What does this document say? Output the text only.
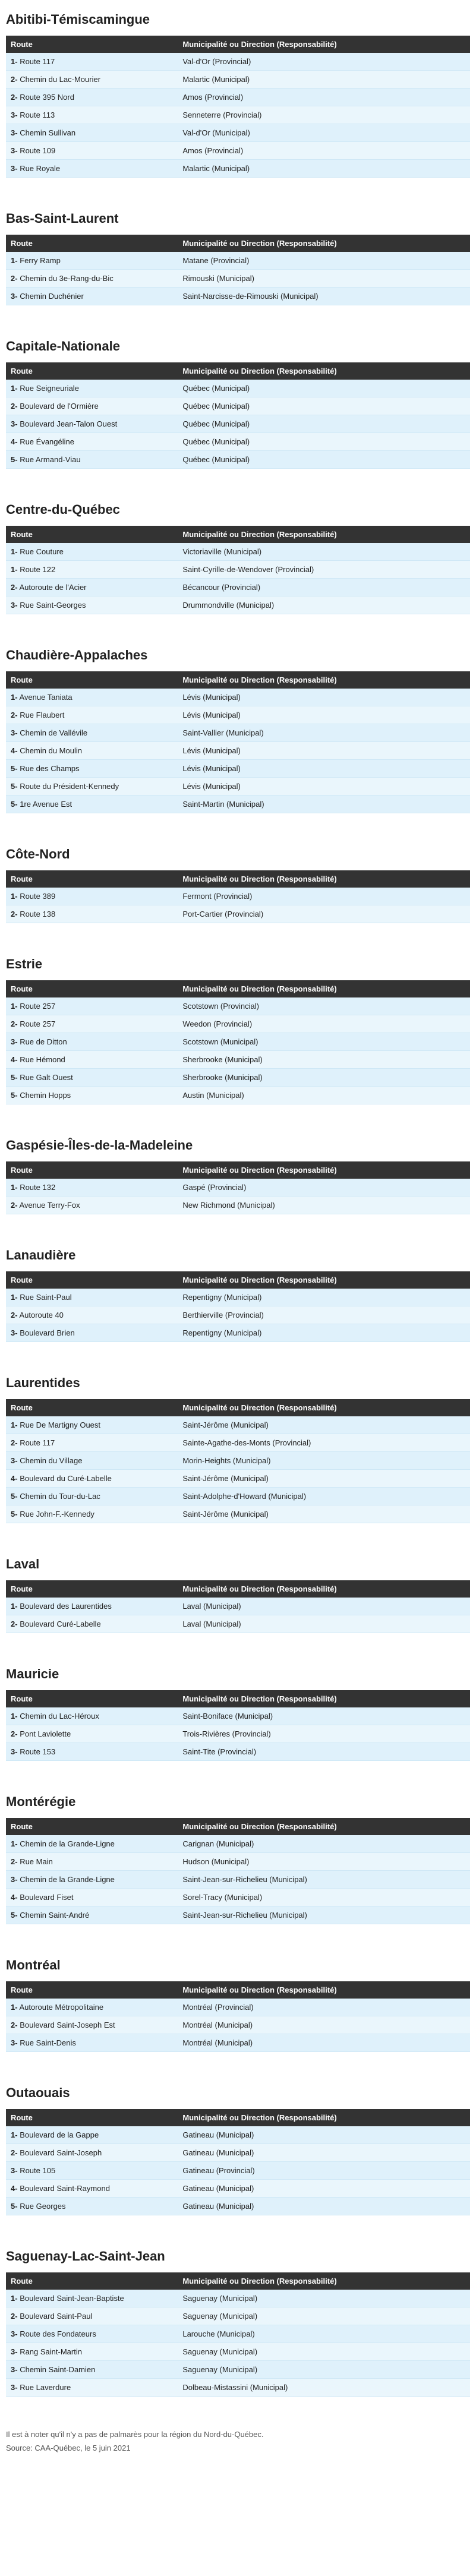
Abitibi-Témiscamingue
Route	Municipalité ou Direction (Responsabilité)
1- Route 117	Val-d'Or (Provincial)
2- Chemin du Lac-Mourier	Malartic (Municipal)
2- Route 395 Nord	Amos (Provincial)
3- Route 113	Senneterre (Provincial)
3- Chemin Sullivan	Val-d'Or (Municipal)
3- Route 109	Amos (Provincial)
3- Rue Royale	Malartic (Municipal)
Bas-Saint-Laurent
Route	Municipalité ou Direction (Responsabilité)
1- Ferry Ramp	Matane (Provincial)
2- Chemin du 3e-Rang-du-Bic	Rimouski (Municipal)
3- Chemin Duchénier	Saint-Narcisse-de-Rimouski (Municipal)
Capitale-Nationale
Route	Municipalité ou Direction (Responsabilité)
1- Rue Seigneuriale	Québec (Municipal)
2- Boulevard de l'Ormière	Québec (Municipal)
3- Boulevard Jean-Talon Ouest	Québec (Municipal)
4- Rue Évangéline	Québec (Municipal)
5- Rue Armand-Viau	Québec (Municipal)
Centre-du-Québec
Route	Municipalité ou Direction (Responsabilité)
1- Rue Couture	Victoriaville (Municipal)
1- Route 122	Saint-Cyrille-de-Wendover (Provincial)
2- Autoroute de l'Acier	Bécancour (Provincial)
3- Rue Saint-Georges	Drummondville (Municipal)
Chaudière-Appalaches
Route	Municipalité ou Direction (Responsabilité)
1- Avenue Taniata	Lévis (Municipal)
2- Rue Flaubert	Lévis (Municipal)
3- Chemin de Vallévile	Saint-Vallier (Municipal)
4- Chemin du Moulin	Lévis (Municipal)
5- Rue des Champs	Lévis (Municipal)
5- Route du Président-Kennedy	Lévis (Municipal)
5- 1re Avenue Est	Saint-Martin (Municipal)
Côte-Nord
Route	Municipalité ou Direction (Responsabilité)
1- Route 389	Fermont (Provincial)
2- Route 138	Port-Cartier (Provincial)
Estrie
Route	Municipalité ou Direction (Responsabilité)
1- Route 257	Scotstown (Provincial)
2- Route 257	Weedon (Provincial)
3- Rue de Ditton	Scotstown (Municipal)
4- Rue Hémond	Sherbrooke (Municipal)
5- Rue Galt Ouest	Sherbrooke (Municipal)
5- Chemin Hopps	Austin (Municipal)
Gaspésie-Îles-de-la-Madeleine
Route	Municipalité ou Direction (Responsabilité)
1- Route 132	Gaspé (Provincial)
2- Avenue Terry-Fox	New Richmond (Municipal)
Lanaudière
Route	Municipalité ou Direction (Responsabilité)
1- Rue Saint-Paul	Repentigny (Municipal)
2- Autoroute 40	Berthierville (Provincial)
3- Boulevard Brien	Repentigny (Municipal)
Laurentides
Route	Municipalité ou Direction (Responsabilité)
1- Rue De Martigny Ouest	Saint-Jérôme (Municipal)
2- Route 117	Sainte-Agathe-des-Monts (Provincial)
3- Chemin du Village	Morin-Heights (Municipal)
4- Boulevard du Curé-Labelle	Saint-Jérôme (Municipal)
5- Chemin du Tour-du-Lac	Saint-Adolphe-d'Howard (Municipal)
5- Rue John-F.-Kennedy	Saint-Jérôme (Municipal)
Laval
Route	Municipalité ou Direction (Responsabilité)
1- Boulevard des Laurentides	Laval (Municipal)
2- Boulevard Curé-Labelle	Laval (Municipal)
Mauricie
Route	Municipalité ou Direction (Responsabilité)
1- Chemin du Lac-Héroux	Saint-Boniface (Municipal)
2- Pont Laviolette	Trois-Rivières (Provincial)
3- Route 153	Saint-Tite (Provincial)
Montérégie
Route	Municipalité ou Direction (Responsabilité)
1- Chemin de la Grande-Ligne	Carignan (Municipal)
2- Rue Main	Hudson (Municipal)
3- Chemin de la Grande-Ligne	Saint-Jean-sur-Richelieu (Municipal)
4- Boulevard Fiset	Sorel-Tracy (Municipal)
5- Chemin Saint-André	Saint-Jean-sur-Richelieu (Municipal)
Montréal
Route	Municipalité ou Direction (Responsabilité)
1- Autoroute Métropolitaine	Montréal (Provincial)
2- Boulevard Saint-Joseph Est	Montréal (Municipal)
3- Rue Saint-Denis	Montréal (Municipal)
Outaouais
Route	Municipalité ou Direction (Responsabilité)
1- Boulevard de la Gappe	Gatineau (Municipal)
2- Boulevard Saint-Joseph	Gatineau (Municipal)
3- Route 105	Gatineau (Provincial)
4- Boulevard Saint-Raymond	Gatineau (Municipal)
5- Rue Georges	Gatineau (Municipal)
Saguenay-Lac-Saint-Jean
Route	Municipalité ou Direction (Responsabilité)
1- Boulevard Saint-Jean-Baptiste	Saguenay (Municipal)
2- Boulevard Saint-Paul	Saguenay (Municipal)
3- Route des Fondateurs	Larouche (Municipal)
3- Rang Saint-Martin	Saguenay (Municipal)
3- Chemin Saint-Damien	Saguenay (Municipal)
3- Rue Laverdure	Dolbeau-Mistassini (Municipal)

Il est à noter qu'il n'y a pas de palmarès pour la région du Nord-du-Québec.

Source: CAA-Québec, le 5 juin 2021
